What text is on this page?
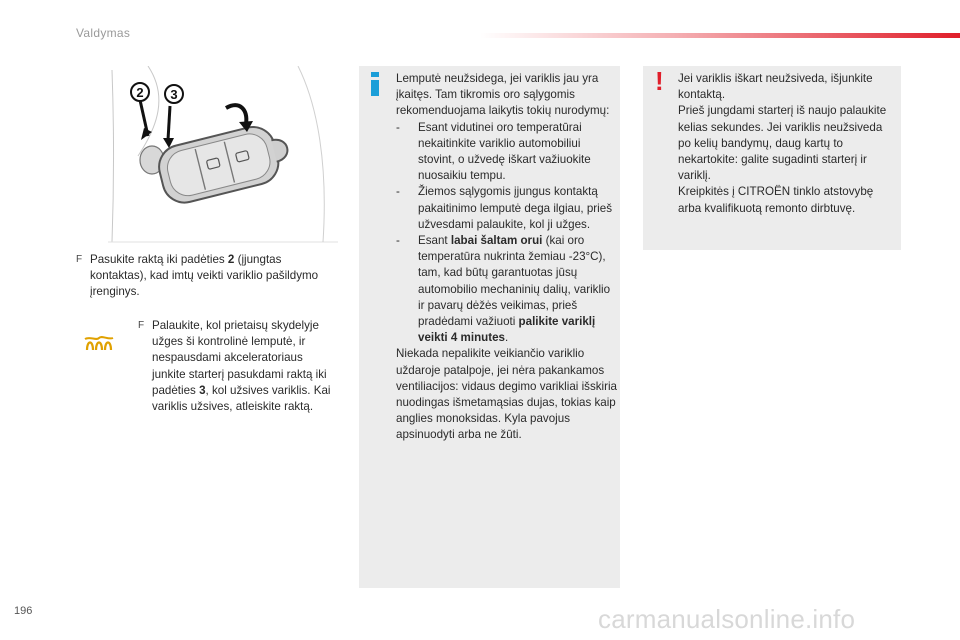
Valdymas
2 3
F Pasukite raktą iki padėties 2 (įjungtas kontaktas), kad imtų veikti variklio pašildymo įrenginys.
F Palaukite, kol prietaisų skydelyje užges ši kontrolinė lemputė, ir nespausdami akceleratoriaus junkite starterį pasukdami raktą iki padėties 3, kol užsives variklis. Kai variklis užsives, atleiskite raktą.
Lemputė neužsidega, jei variklis jau yra įkaitęs. Tam tikromis oro sąlygomis rekomenduojama laikytis tokių nurodymų:
-	Esant vidutinei oro temperatūrai nekaitinkite variklio automobiliui stovint, o užvedę iškart važiuokite nuosaikiu tempu.
-	Žiemos sąlygomis įjungus kontaktą pakaitinimo lemputė dega ilgiau, prieš užvesdami palaukite, kol ji užges.
-	Esant labai šaltam orui (kai oro temperatūra nukrinta žemiau -23°C), tam, kad būtų garantuotas jūsų automobilio mechaninių dalių, variklio ir pavarų dėžės veikimas, prieš pradėdami važiuoti palikite variklį veikti 4 minutes.
Niekada nepalikite veikiančio variklio uždaroje patalpoje, jei nėra pakankamos ventiliacijos: vidaus degimo varikliai išskiria nuodingas išmetamąsias dujas, tokias kaip anglies monoksidas. Kyla pavojus apsinuodyti arba ne žūti.
! Jei variklis iškart neužsiveda, išjunkite kontaktą.
Prieš jungdami starterį iš naujo palaukite kelias sekundes. Jei variklis neužsiveda po kelių bandymų, daug kartų to nekartokite: galite sugadinti starterį ir variklį.
Kreipkitės į CITROËN tinklo atstovybę arba kvalifikuotą remonto dirbtuvę.
196	carmanualsonline.info
